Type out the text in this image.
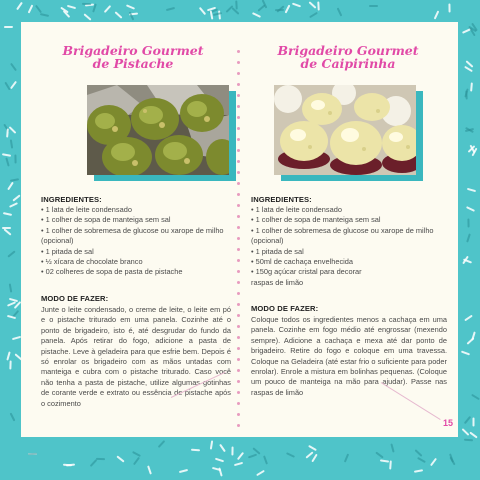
Brigadeiro Gourmet
de Pistache
INGREDIENTES:
• 1 lata de leite condensado
• 1 colher de sopa de manteiga sem sal
• 1 colher de sobremesa de glucose ou xarope de milho
(opcional)
• 1 pitada de sal
• ½ xícara de chocolate branco
• 02 colheres de sopa de pasta de pistache
MODO DE FAZER:
Junte o leite condensado, o creme de leite, o leite em pó e o pistache triturado em uma panela. Cozinhe até o ponto de brigadeiro, isto é, até desgrudar do fundo da panela. Após retirar do fogo, adicione a pasta de pistache. Leve à geladeira para que esfrie bem. Depois é só enrolar os brigadeiro com as mãos untadas com manteiga e cubra com o pistache triturado. Caso você não tenha a pasta de pistache, utilize algumas gotinhas de corante verde e extrato ou essência de pistache após o cozimento
Brigadeiro Gourmet
de Caipirinha
INGREDIENTES:
• 1 lata de leite condensado
• 1 colher de sopa de manteiga sem sal
• 1 colher de sobremesa de glucose ou xarope de milho
(opcional)
• 1 pitada de sal
• 50ml de cachaça envelhecida
• 150g açúcar cristal para decorar
raspas de limão
MODO DE FAZER:
Coloque todos os ingredientes menos a cachaça em uma panela. Cozinhe em fogo médio até engrossar (mexendo sempre). Adicione a cachaça e mexa até dar ponto de brigadeiro. Retire do fogo e coloque em uma travessa. Coloque na Geladeira (até estar frio o suficiente para poder enrolar). Enrole a mistura em bolinhas pequenas. (Coloque um pouco de manteiga na mão para ajudar). Passe nas raspas de limão
15
